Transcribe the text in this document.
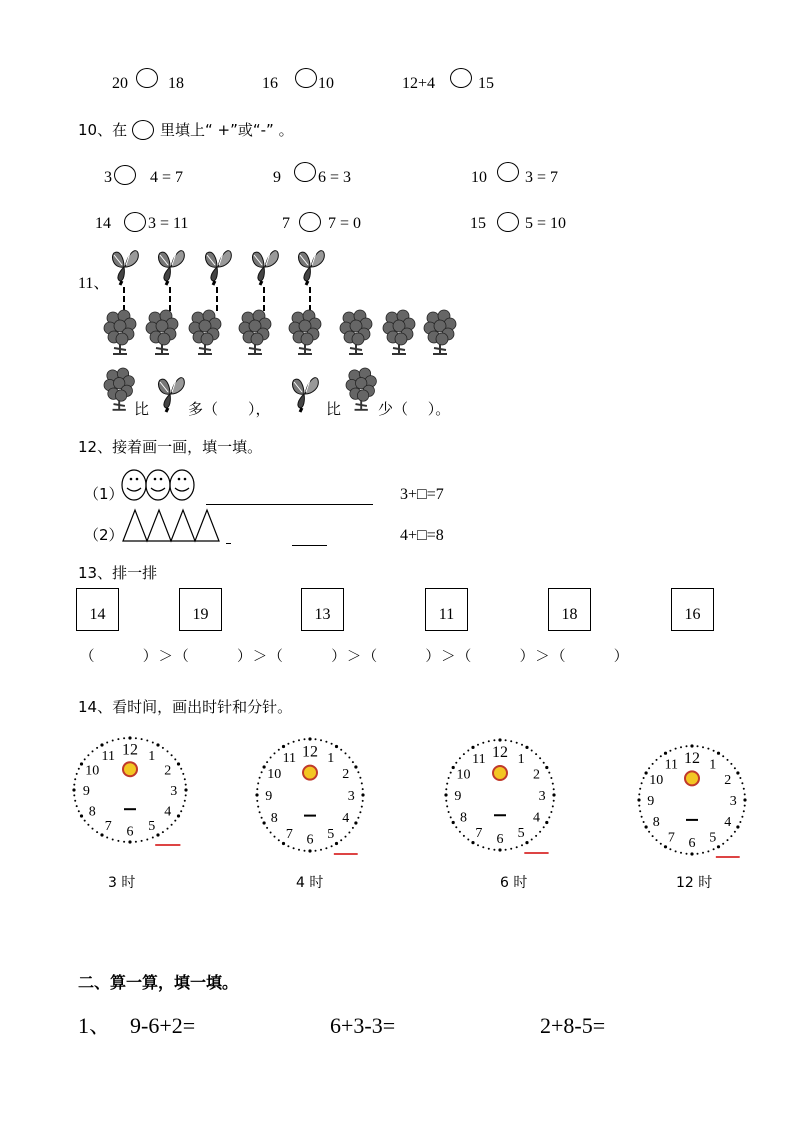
20	18	16	10	12+4	15
10、在 里填上“ +”或“-” 。
3 4 = 7	9 6 = 3	10 3 = 7
14 3 = 11	7 7 = 0	15 5 = 10
11、
比	多（　　），	比 少（　 ）。
12、接着画一画，填一填。
（1）	3+□=7
（2）	4+□=8
13、排一排
14	19	13	11	18	16
（　　　）＞（　　　）＞（　　　）＞（　　　）＞（　　　）＞（　　　）
14、看时间，画出时针和分针。
1
2
3
4
5
6
7
8
9
10
11 12
1
2
3
4
5
6
7
8
9
10
11 12	1
2
3
4
5
6
7
8
9
10
11 12
1
2
3
4
5
6
7
8
9
10
11 12
3 时	4 时	6 时	12 时
二、算一算，填一填。
1、 9-6+2=	6+3-3=	2+8-5=
